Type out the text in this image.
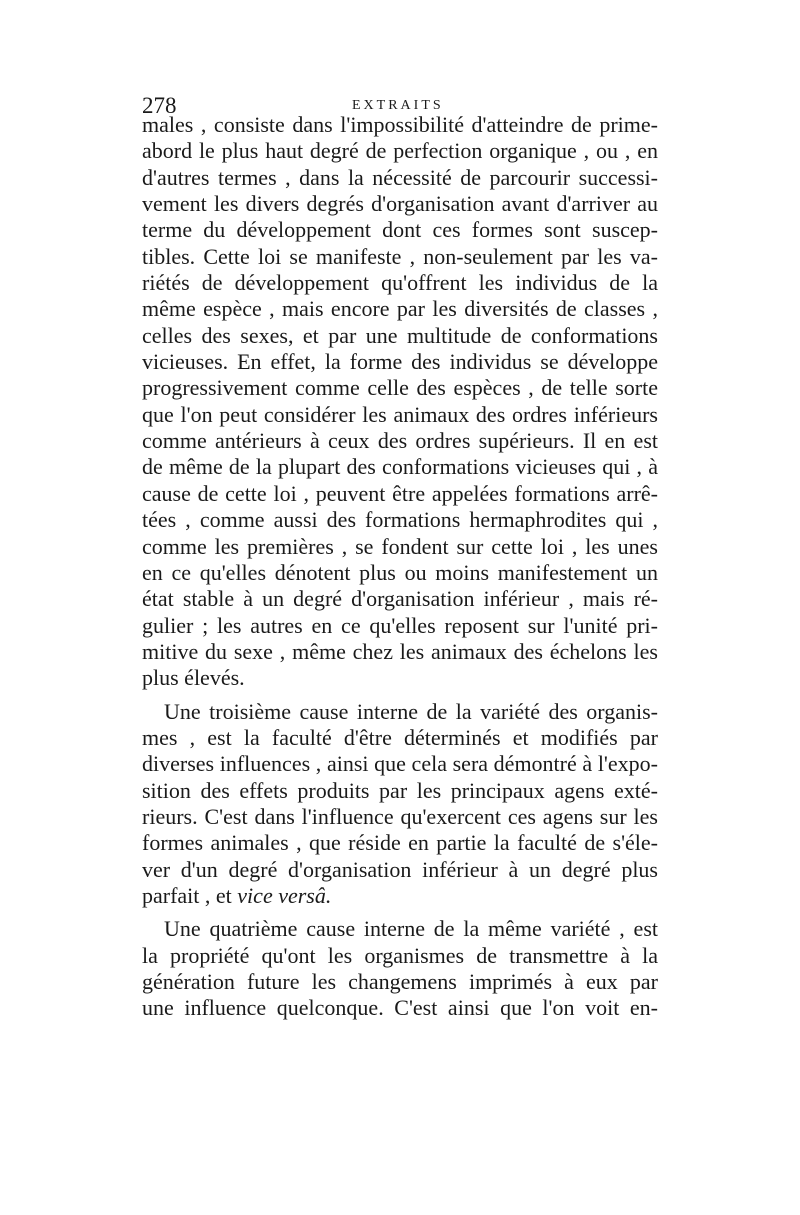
278	EXTRAITS
males , consiste dans l'impossibilité d'atteindre de prime-
abord le plus haut degré de perfection organique , ou , en
d'autres termes , dans la nécessité de parcourir successi-
vement les divers degrés d'organisation avant d'arriver au
terme du développement dont ces formes sont suscep-
tibles. Cette loi se manifeste , non-seulement par les va-
riétés de développement qu'offrent les individus de la
même espèce , mais encore par les diversités de classes ,
celles des sexes, et par une multitude de conformations
vicieuses. En effet, la forme des individus se développe
progressivement comme celle des espèces , de telle sorte
que l'on peut considérer les animaux des ordres inférieurs
comme antérieurs à ceux des ordres supérieurs. Il en est
de même de la plupart des conformations vicieuses qui , à
cause de cette loi , peuvent être appelées formations arrê-
tées , comme aussi des formations hermaphrodites qui ,
comme les premières , se fondent sur cette loi , les unes
en ce qu'elles dénotent plus ou moins manifestement un
état stable à un degré d'organisation inférieur , mais ré-
gulier ; les autres en ce qu'elles reposent sur l'unité pri-
mitive du sexe , même chez les animaux des échelons les
plus élevés.
Une troisième cause interne de la variété des organis-
mes , est la faculté d'être déterminés et modifiés par
diverses influences , ainsi que cela sera démontré à l'expo-
sition des effets produits par les principaux agens exté-
rieurs. C'est dans l'influence qu'exercent ces agens sur les
formes animales , que réside en partie la faculté de s'éle-
ver d'un degré d'organisation inférieur à un degré plus
parfait , et vice versâ.
Une quatrième cause interne de la même variété , est
la propriété qu'ont les organismes de transmettre à la
génération future les changemens imprimés à eux par
une influence quelconque. C'est ainsi que l'on voit en-
